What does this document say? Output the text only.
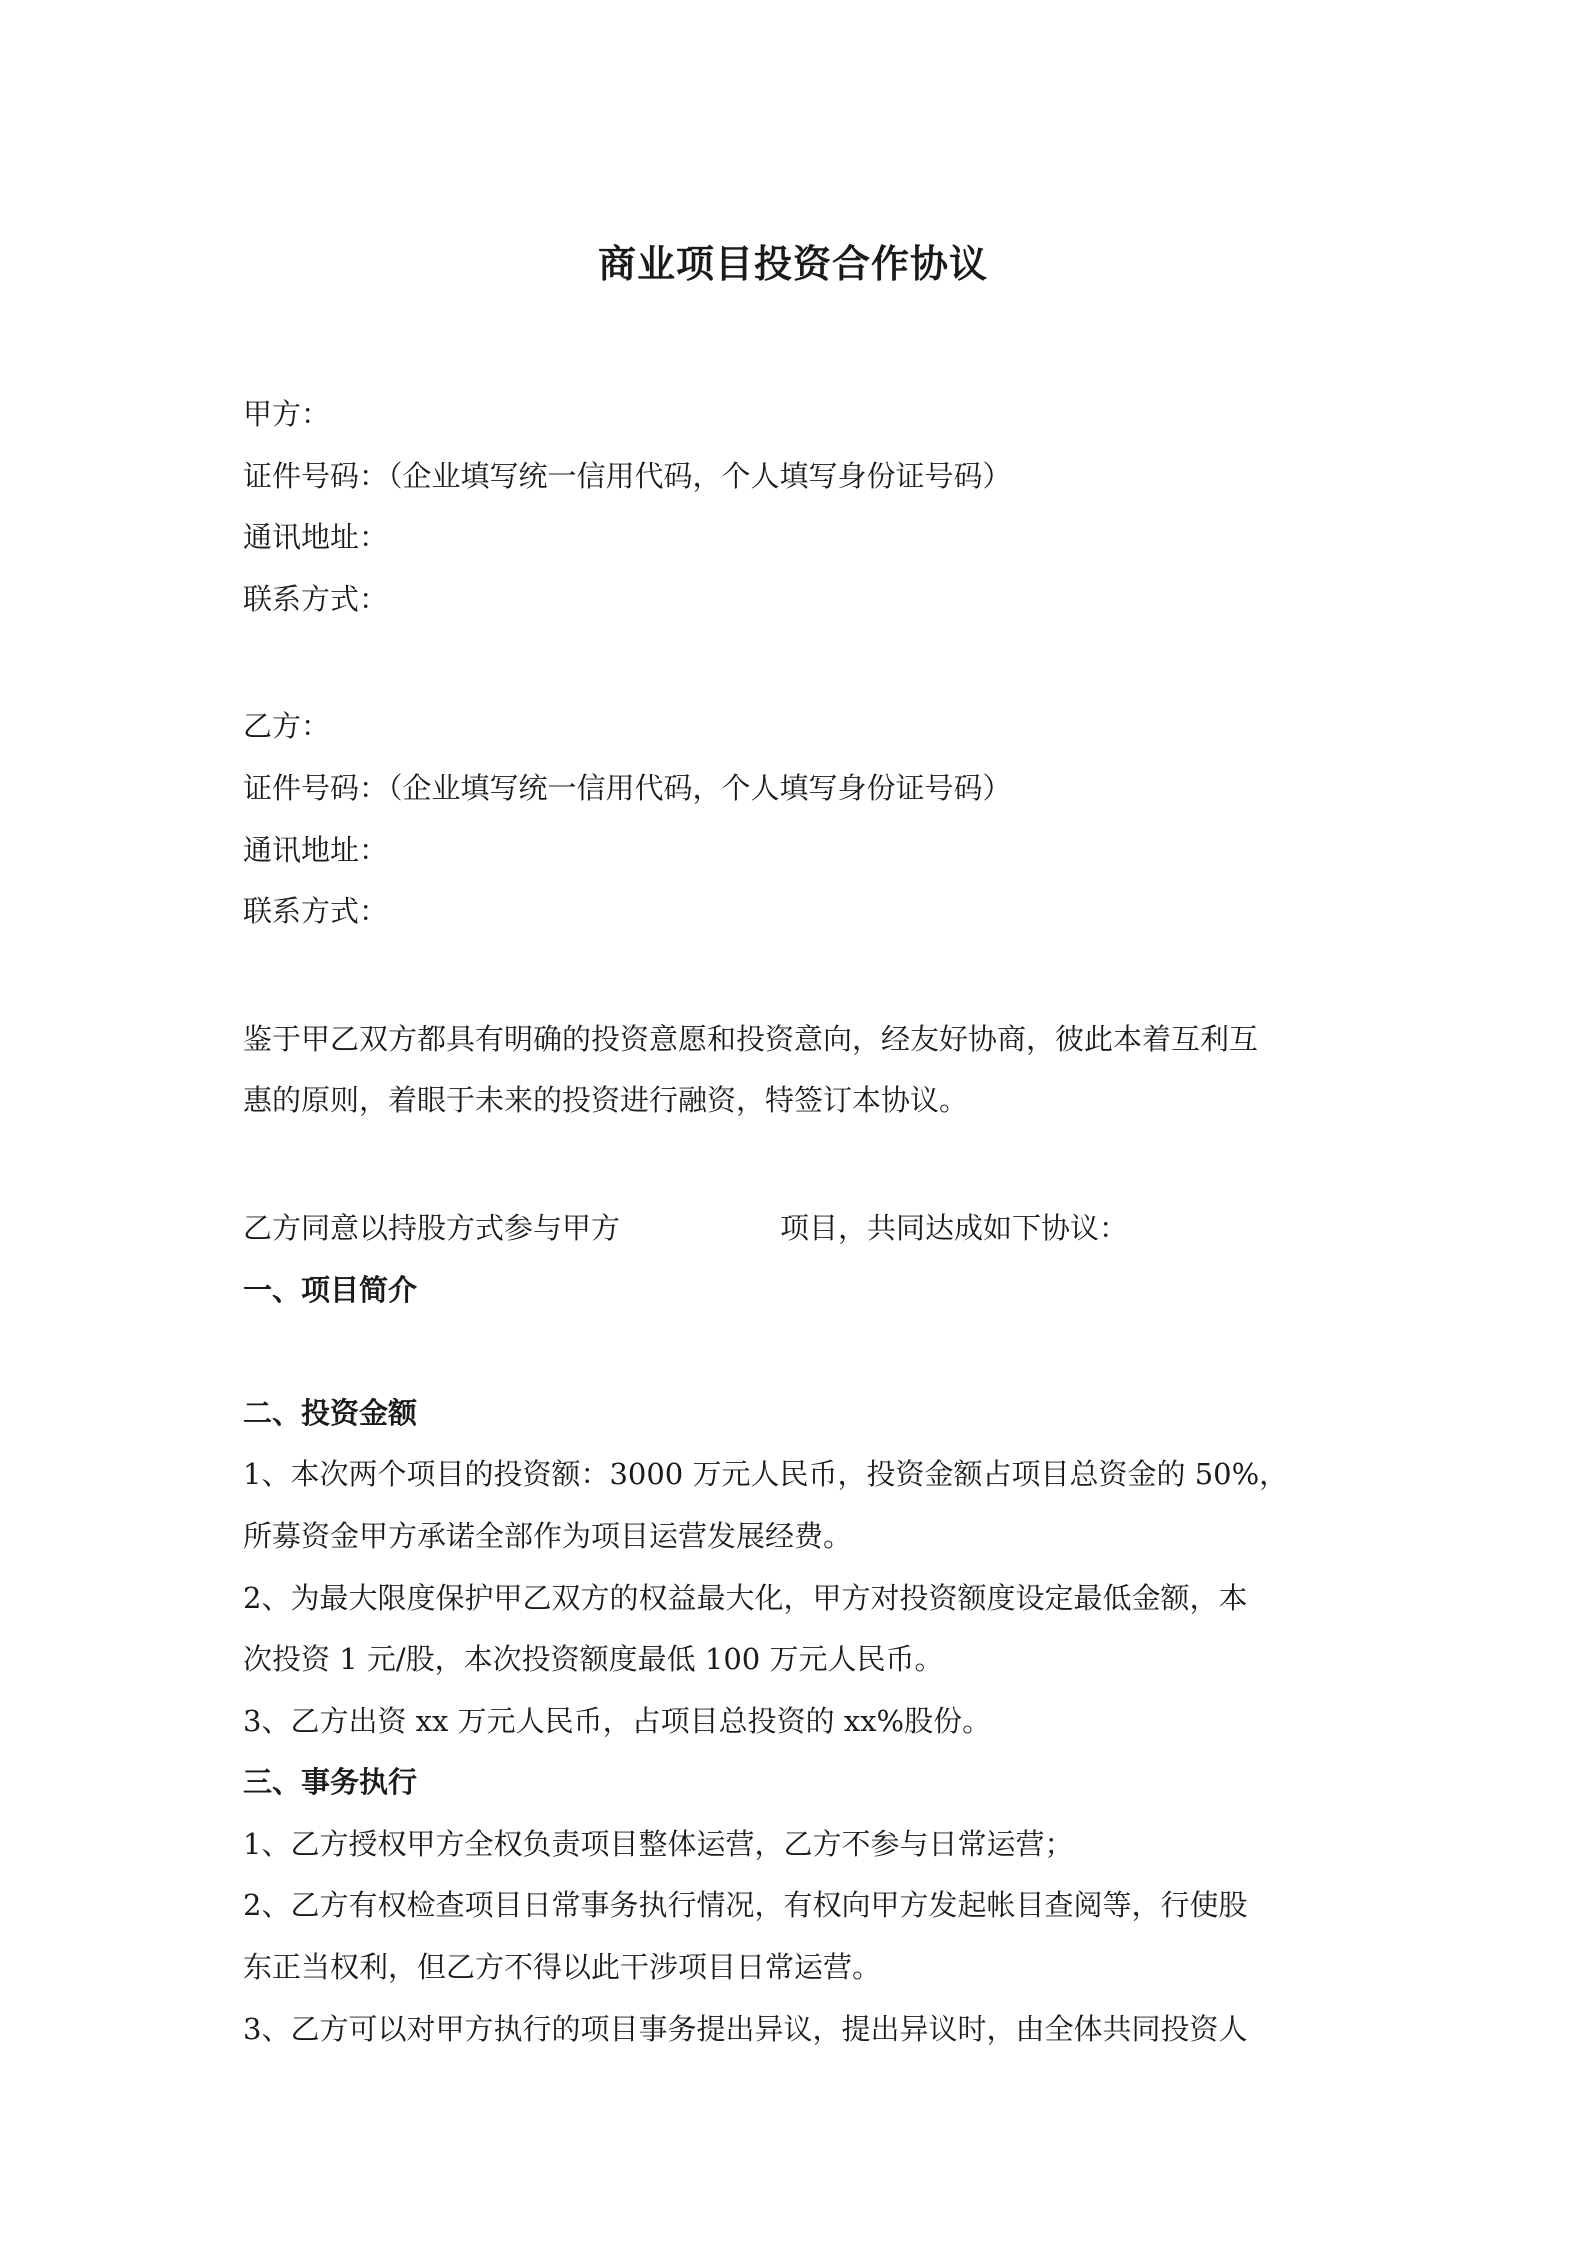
商业项目投资合作协议

甲方：

证件号码：（企业填写统一信用代码，个人填写身份证号码）

通讯地址：

联系方式：

乙方：

证件号码：（企业填写统一信用代码，个人填写身份证号码）

通讯地址：

联系方式：

鉴于甲乙双方都具有明确的投资意愿和投资意向，经友好协商，彼此本着互利互

惠的原则，着眼于未来的投资进行融资，特签订本协议。

乙方同意以持股方式参与甲方	项目，共同达成如下协议：

一、项目简介

二、投资金额

1、本次两个项目的投资额：3000 万元人民币，投资金额占项目总资金的 50%，

所募资金甲方承诺全部作为项目运营发展经费。

2、为最大限度保护甲乙双方的权益最大化，甲方对投资额度设定最低金额，本

次投资 1 元/股，本次投资额度最低 100 万元人民币。

3、乙方出资 xx 万元人民币，占项目总投资的 xx%股份。

三、事务执行

1、乙方授权甲方全权负责项目整体运营，乙方不参与日常运营；

2、乙方有权检查项目日常事务执行情况，有权向甲方发起帐目查阅等，行使股

东正当权利，但乙方不得以此干涉项目日常运营。

3、乙方可以对甲方执行的项目事务提出异议，提出异议时，由全体共同投资人
